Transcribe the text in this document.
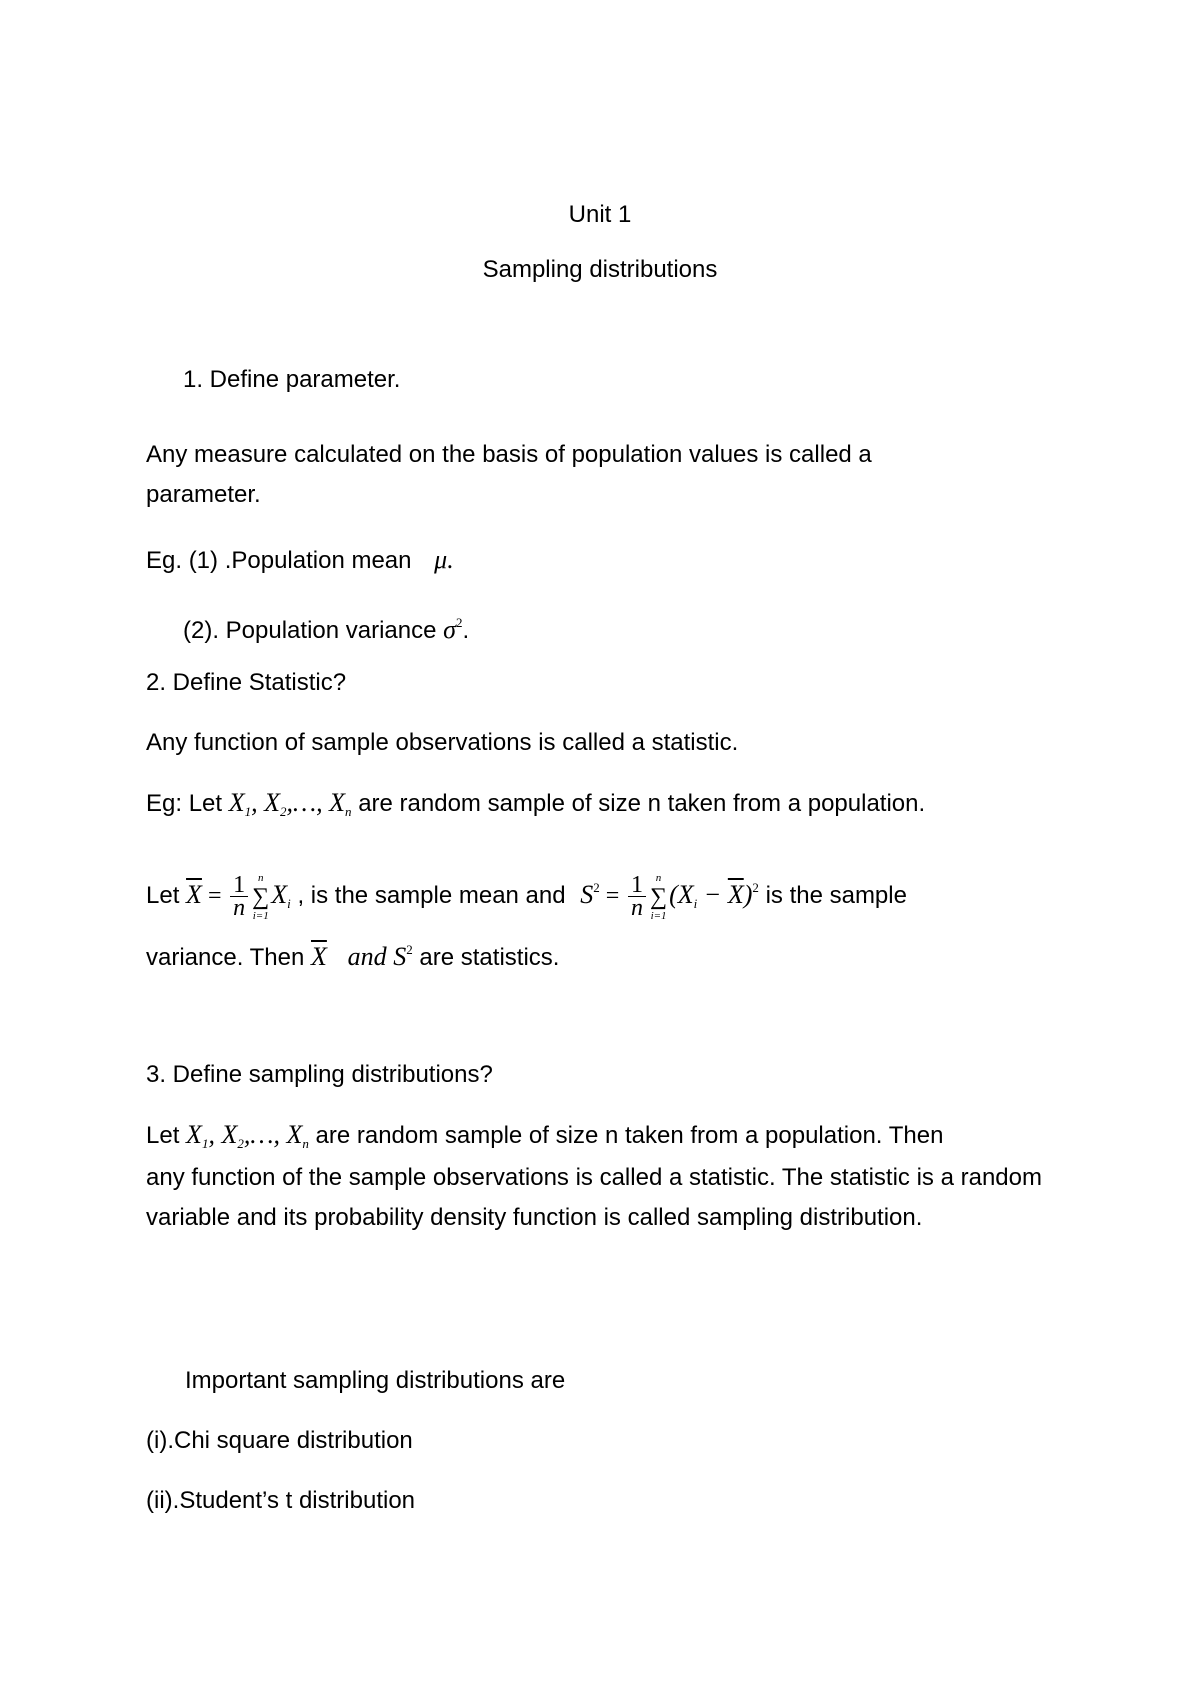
Unit 1
Sampling distributions
1. Define parameter.
Any measure calculated on the basis of population values is called a parameter.
Eg. (1) .Population mean μ.
(2). Population variance $\sigma^2$.
2. Define Statistic?
Any function of sample observations is called a statistic.
Eg: Let $X_1$, $X_2,\dots$, $X_n$ are random sample of size n taken from a population.
Let $\overline{X} = \frac{1}{n}$ n
∑
i=1
$X_i$ , is the sample mean and $S^2 = \frac{1}{n}$ n
∑
i=1
$(X_i - \overline{X})^2$ is the sample
variance. Then $\overline{X}$ and $S^2$ are statistics.
3. Define sampling distributions?
Let $X_1$, $X_2,\dots$, $X_n$ are random sample of size n taken from a population. Then
any function of the sample observations is called a statistic. The statistic is a random variable and its probability density function is called sampling distribution.
Important sampling distributions are
(i).Chi square distribution
(ii).Student’s t distribution
